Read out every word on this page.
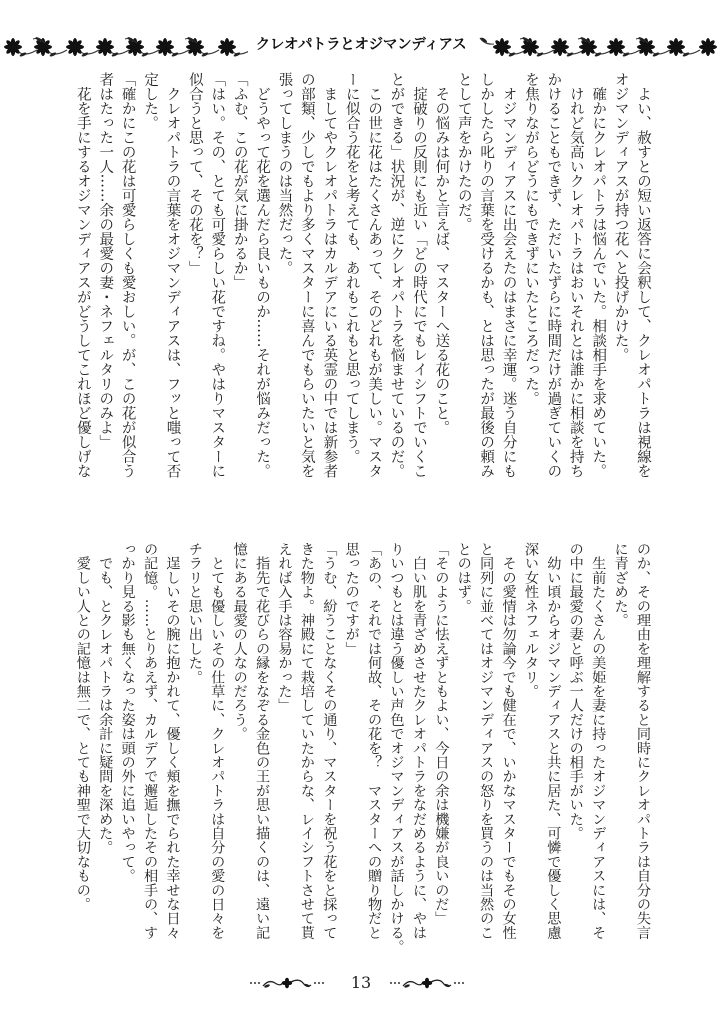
クレオパトラとオジマンディアス
　よい、赦すとの短い返答に会釈して、クレオパトラは視線を
オジマンディアスが持つ花へと投げかけた。
　確かにクレオパトラは悩んでいた。相談相手を求めていた。
　けれど気高いクレオパトラはおいそれとは誰かに相談を持ち
かけることもできず、ただいたずらに時間だけが過ぎていくの
を焦りながらどうにもできずにいたところだった。
　オジマンディアスに出会えたのはまさに幸運。迷う自分にも
しかしたら叱りの言葉を受けるかも、とは思ったが最後の頼み
として声をかけたのだ。
　その悩みは何かと言えば、マスターへ送る花のこと。
　掟破りの反則にも近い「どの時代にでもレイシフトでいくこ
とができる」状況が、逆にクレオパトラを悩ませているのだ。
　この世に花はたくさんあって、そのどれもが美しい。マスタ
ーに似合う花をと考えても、あれもこれもと思ってしまう。
　ましてやクレオパトラはカルデアにいる英霊の中では新参者
の部類、少しでもより多くマスターに喜んでもらいたいと気を
張ってしまうのは当然だった。
　どうやって花を選んだら良いものか……それが悩みだった。
「ふむ、この花が気に掛かるか」
「はい。その、とても可愛らしい花ですね。やはりマスターに
似合うと思って、その花を？」
　クレオパトラの言葉をオジマンディアスは、フッと嗤って否
定した。
「確かにこの花は可愛らしくも愛おしい。が、この花が似合う
者はたった一人……余の最愛の妻・ネフェルタリのみよ」
　花を手にするオジマンディアスがどうしてこれほど優しげな
のか、その理由を理解すると同時にクレオパトラは自分の失言
に青ざめた。
　生前たくさんの美姫を妻に持ったオジマンディアスには、そ
の中に最愛の妻と呼ぶ一人だけの相手がいた。
　幼い頃からオジマンディアスと共に居た、可憐で優しく思慮
深い女性ネフェルタリ。
　その愛情は勿論今でも健在で、いかなマスターでもその女性
と同列に並べてはオジマンディアスの怒りを買うのは当然のこ
とのはず。
「そのように怯えずともよい、今日の余は機嫌が良いのだ」
　白い肌を青ざめさせたクレオパトラをなだめるように、やは
りいつもとは違う優しい声色でオジマンディアスが話しかける。
「あの、それでは何故、その花を？　マスターへの贈り物だと
思ったのですが」
「うむ、紛うことなくその通り、マスターを祝う花をと採って
きた物よ。神殿にて栽培していたからな、レイシフトさせて貰
えれば入手は容易かった」
　指先で花びらの縁をなぞる金色の王が思い描くのは、遠い記
憶にある最愛の人なのだろう。
　とても優しいその仕草に、クレオパトラは自分の愛の日々を
チラリと思い出した。
　逞しいその腕に抱かれて、優しく頬を撫でられた幸せな日々
の記憶。……とりあえず、カルデアで邂逅したその相手の、す
っかり見る影も無くなった姿は頭の外に追いやって。
　でも、とクレオパトラは余計に疑問を深めた。
　愛しい人との記憶は無二で、とても神聖で大切なもの。
13
